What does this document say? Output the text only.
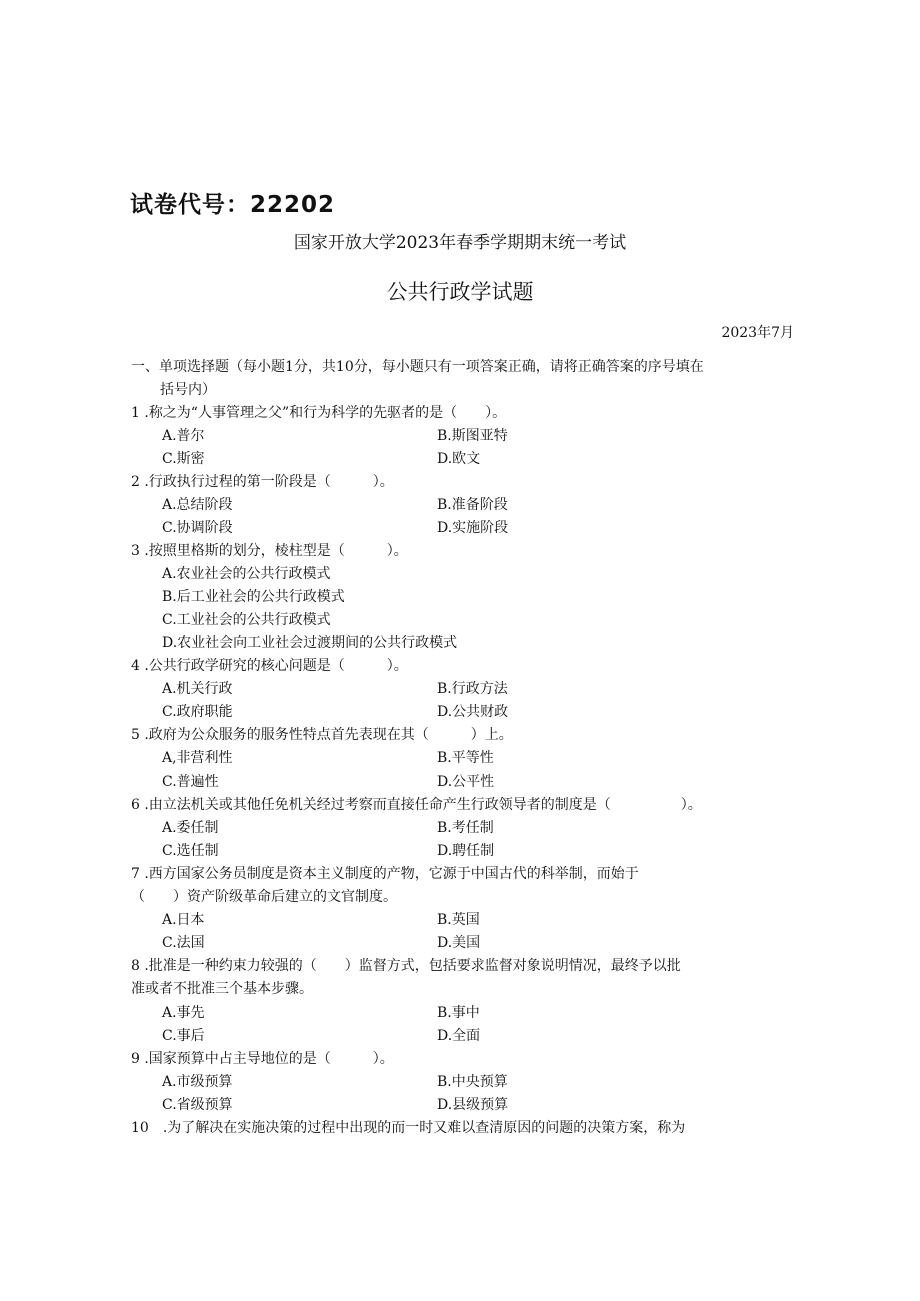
试卷代号：22202
国家开放大学2023年春季学期期末统一考试
公共行政学试题
2023年7月
一、单项选择题（每小题1分，共10分，每小题只有一项答案正确，请将正确答案的序号填在
括号内）
1 .称之为“人事管理之父”和行为科学的先驱者的是（　　）。
A.普尔	B.斯图亚特
C.斯密	D.欧文
2 .行政执行过程的第一阶段是（　　　）。
A.总结阶段	B.准备阶段
C.协调阶段	D.实施阶段
3 .按照里格斯的划分，棱柱型是（　　　）。
A.农业社会的公共行政模式
B.后工业社会的公共行政模式
C.工业社会的公共行政模式
D.农业社会向工业社会过渡期间的公共行政模式
4 .公共行政学研究的核心问题是（　　　）。
A.机关行政	B.行政方法
C.政府职能	D.公共财政
5 .政府为公众服务的服务性特点首先表现在其（　　　）上。
A,非营利性	B.平等性
C.普遍性	D.公平性
6 .由立法机关或其他任免机关经过考察而直接任命产生行政领导者的制度是（　　　　　）。
A.委任制	B.考任制
C.选任制	D.聘任制
7 .西方国家公务员制度是资本主义制度的产物，它源于中国古代的科举制，而始于
（　　）资产阶级革命后建立的文官制度。
A.日本	B.英国
C.法国	D.美国
8 .批准是一种约束力较强的（　　）监督方式，包括要求监督对象说明情况，最终予以批
准或者不批准三个基本步骤。
A.事先	B.事中
C.事后	D.全面
9 .国家预算中占主导地位的是（　　　）。
A.市级预算	B.中央预算
C.省级预算	D.县级预算
10　.为了解决在实施决策的过程中出现的而一时又难以查清原因的问题的决策方案，称为
